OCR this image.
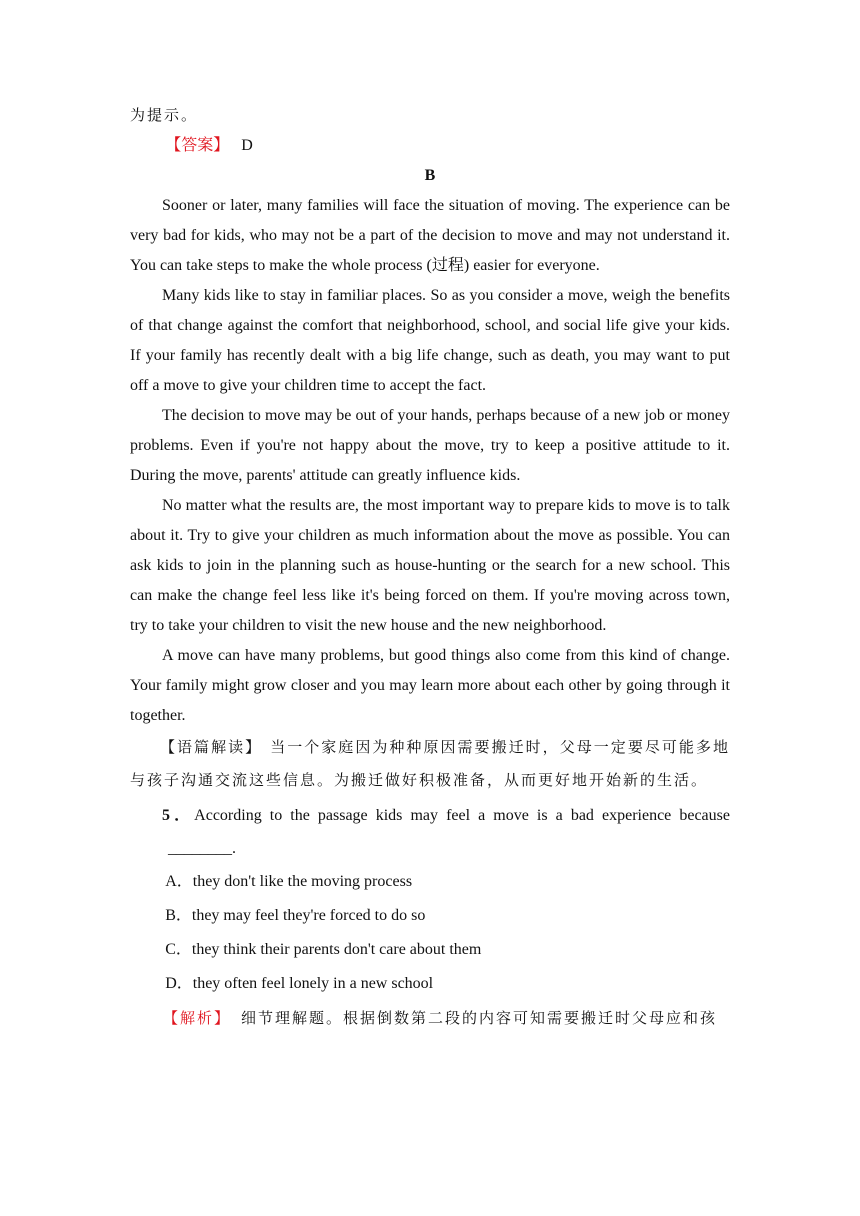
为提示。

【答案】 D

B

Sooner or later, many families will face the situation of moving. The experience can be very bad for kids, who may not be a part of the decision to move and may not understand it. You can take steps to make the whole process (过程) easier for everyone.

Many kids like to stay in familiar places. So as you consider a move, weigh the benefits of that change against the comfort that neighborhood, school, and social life give your kids. If your family has recently dealt with a big life change, such as death, you may want to put off a move to give your children time to accept the fact.

The decision to move may be out of your hands, perhaps because of a new job or money problems. Even if you're not happy about the move, try to keep a positive attitude to it. During the move, parents' attitude can greatly influence kids.

No matter what the results are, the most important way to prepare kids to move is to talk about it. Try to give your children as much information about the move as possible. You can ask kids to join in the planning such as house-hunting or the search for a new school. This can make the change feel less like it's being forced on them. If you're moving across town, try to take your children to visit the new house and the new neighborhood.

A move can have many problems, but good things also come from this kind of change. Your family might grow closer and you may learn more about each other by going through it together.

【语篇解读】 当一个家庭因为种种原因需要搬迁时，父母一定要尽可能多地与孩子沟通交流这些信息。为搬迁做好积极准备，从而更好地开始新的生活。

5．According to the passage kids may feel a move is a bad experience because________.

A．they don't like the moving process

B．they may feel they're forced to do so

C．they think their parents don't care about them

D．they often feel lonely in a new school

【解析】 细节理解题。根据倒数第二段的内容可知需要搬迁时父母应和孩
